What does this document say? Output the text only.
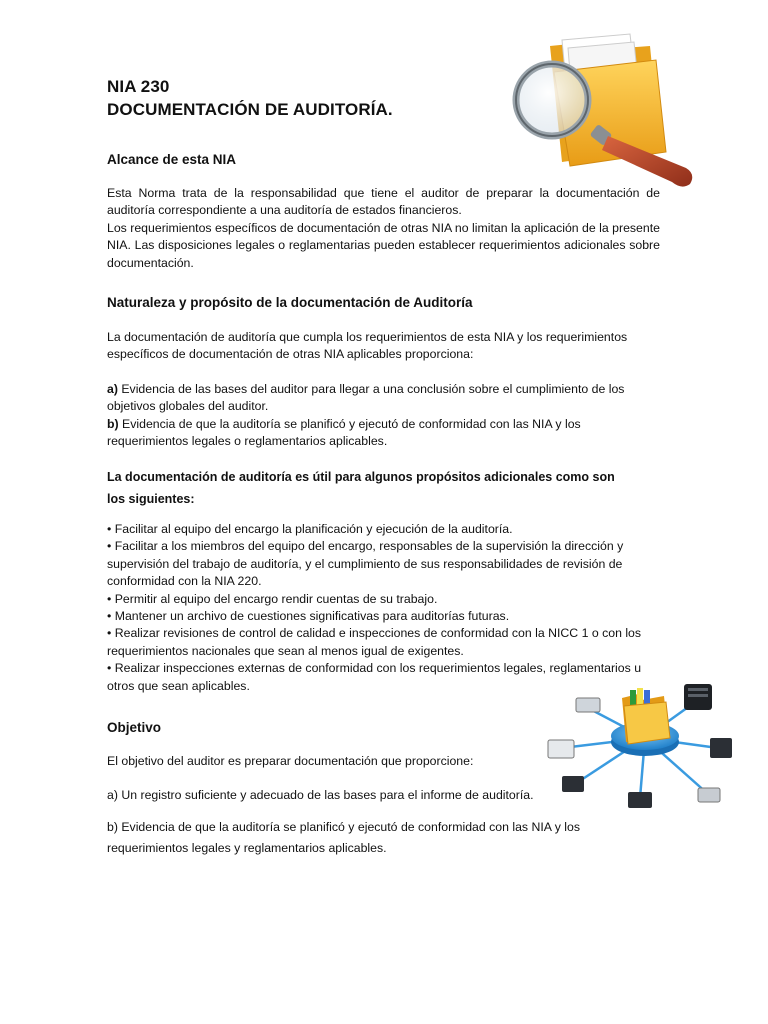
NIA 230
DOCUMENTACIÓN DE AUDITORÍA.
Alcance de esta NIA

Esta Norma trata de la responsabilidad que tiene el auditor de preparar la documentación de auditoría correspondiente a una auditoría de estados financieros.

Los requerimientos específicos de documentación de otras NIA no limitan la aplicación de la presente NIA. Las disposiciones legales o reglamentarias pueden establecer requerimientos adicionales sobre documentación.

Naturaleza y propósito de la documentación de Auditoría

La documentación de auditoría que cumpla los requerimientos de esta NIA y los requerimientos específicos de documentación de otras NIA aplicables proporciona:

a) Evidencia de las bases del auditor para llegar a una conclusión sobre el cumplimiento de los objetivos globales del auditor.

b) Evidencia de que la auditoría se planificó y ejecutó de conformidad con las NIA y los requerimientos legales o reglamentarios aplicables.

La documentación de auditoría es útil para algunos propósitos adicionales como son los siguientes:

• Facilitar al equipo del encargo la planificación y ejecución de la auditoría.

• Facilitar a los miembros del equipo del encargo, responsables de la supervisión la dirección y supervisión del trabajo de auditoría, y el cumplimiento de sus responsabilidades de revisión de conformidad con la NIA 220.

• Permitir al equipo del encargo rendir cuentas de su trabajo.

• Mantener un archivo de cuestiones significativas para auditorías futuras.

• Realizar revisiones de control de calidad e inspecciones de conformidad con la NICC 1 o con los requerimientos nacionales que sean al menos igual de exigentes.

• Realizar inspecciones externas de conformidad con los requerimientos legales, reglamentarios u otros que sean aplicables.

Objetivo
El objetivo del auditor es preparar documentación que proporcione:
a) Un registro suficiente y adecuado de las bases para el informe de auditoría.
b) Evidencia de que la auditoría se planificó y ejecutó de conformidad con las NIA y los requerimientos legales y reglamentarios aplicables.
